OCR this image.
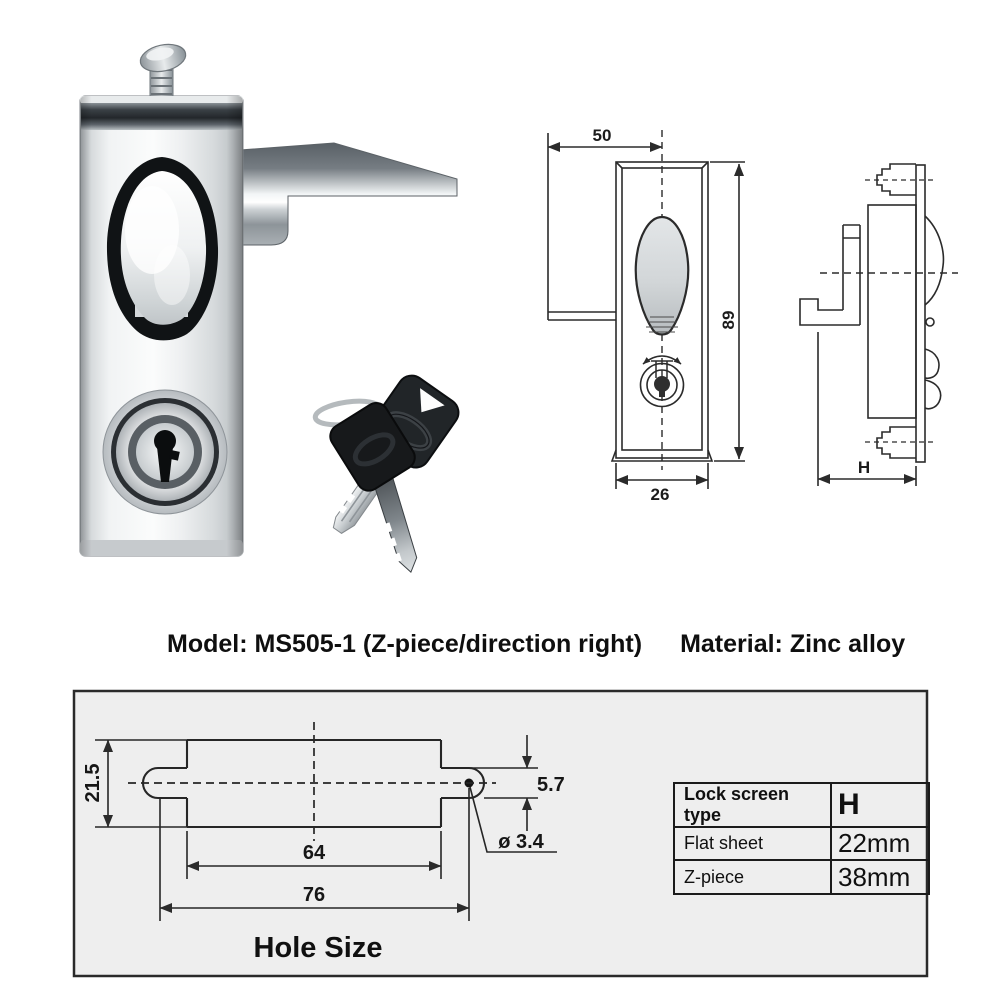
50
89
26
H
21.5	5.7
ø 3.4
64
76
Hole Size
Model: MS505-1 (Z-piece/direction right) Material: Zinc alloy
Lock screen type	H
Flat sheet	22mm
Z-piece	38mm
